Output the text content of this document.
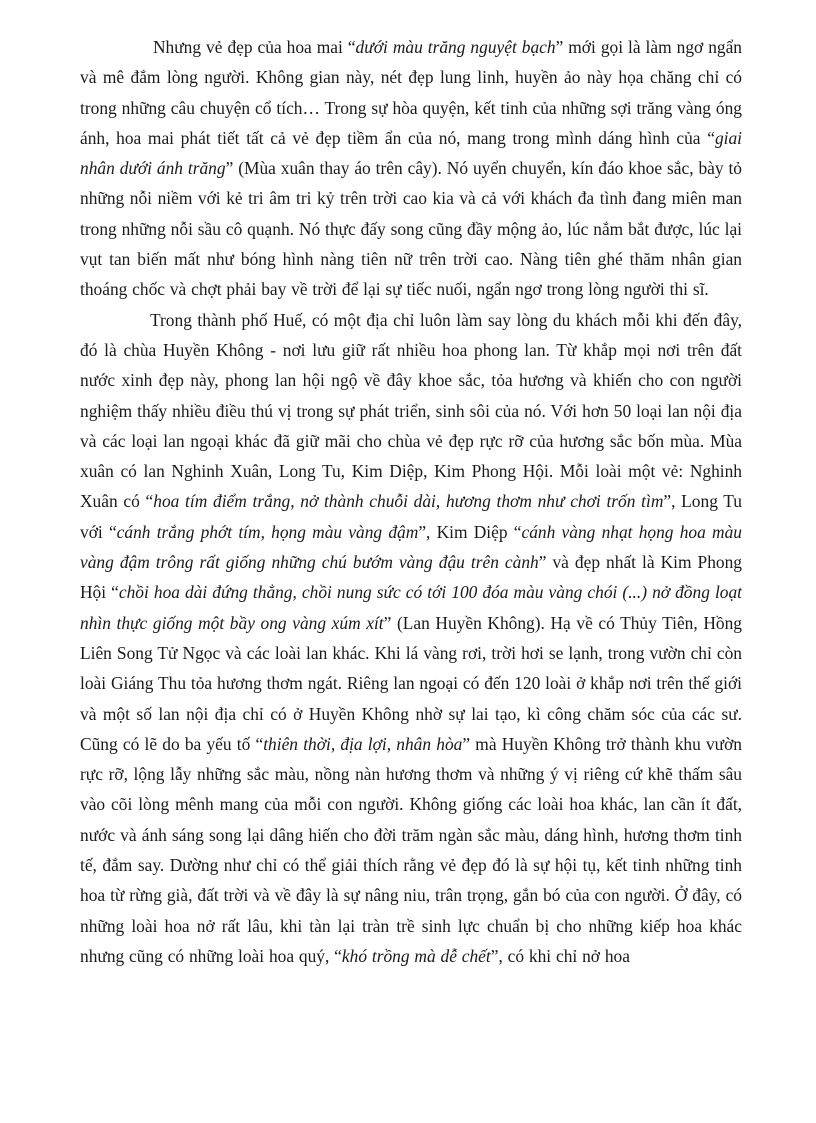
Nhưng vẻ đẹp của hoa mai “dưới màu trăng nguyệt bạch” mới gọi là làm ngơ ngẩn và mê đắm lòng người. Không gian này, nét đẹp lung linh, huyền ảo này họa chăng chỉ có trong những câu chuyện cổ tích… Trong sự hòa quyện, kết tinh của những sợi trăng vàng óng ánh, hoa mai phát tiết tất cả vẻ đẹp tiềm ẩn của nó, mang trong mình dáng hình của “giai nhân dưới ánh trăng” (Mùa xuân thay áo trên cây). Nó uyển chuyển, kín đáo khoe sắc, bày tỏ những nỗi niềm với kẻ tri âm tri kỷ trên trời cao kia và cả với khách đa tình đang miên man trong những nỗi sầu cô quạnh. Nó thực đấy song cũng đầy mộng ảo, lúc nắm bắt được, lúc lại vụt tan biến mất như bóng hình nàng tiên nữ trên trời cao. Nàng tiên ghé thăm nhân gian thoáng chốc và chợt phải bay về trời để lại sự tiếc nuối, ngẩn ngơ trong lòng người thi sĩ.

Trong thành phố Huế, có một địa chỉ luôn làm say lòng du khách mỗi khi đến đây, đó là chùa Huyền Không - nơi lưu giữ rất nhiều hoa phong lan. Từ khắp mọi nơi trên đất nước xinh đẹp này, phong lan hội ngộ về đây khoe sắc, tỏa hương và khiến cho con người nghiệm thấy nhiều điều thú vị trong sự phát triển, sinh sôi của nó. Với hơn 50 loại lan nội địa và các loại lan ngoại khác đã giữ mãi cho chùa vẻ đẹp rực rỡ của hương sắc bốn mùa. Mùa xuân có lan Nghinh Xuân, Long Tu, Kim Diệp, Kim Phong Hội. Mỗi loài một vẻ: Nghinh Xuân có “hoa tím điểm trắng, nở thành chuỗi dài, hương thơm như chơi trốn tìm”, Long Tu với “cánh trắng phớt tím, họng màu vàng đậm”, Kim Diệp “cánh vàng nhạt họng hoa màu vàng đậm trông rất giống những chú bướm vàng đậu trên cành” và đẹp nhất là Kim Phong Hội “chồi hoa dài đứng thẳng, chồi nung sức có tới 100 đóa màu vàng chói (...) nở đồng loạt nhìn thực giống một bầy ong vàng xúm xít” (Lan Huyền Không). Hạ về có Thủy Tiên, Hồng Liên Song Tử Ngọc và các loài lan khác. Khi lá vàng rơi, trời hơi se lạnh, trong vườn chỉ còn loài Giáng Thu tỏa hương thơm ngát. Riêng lan ngoại có đến 120 loài ở khắp nơi trên thế giới và một số lan nội địa chỉ có ở Huyền Không nhờ sự lai tạo, kì công chăm sóc của các sư. Cũng có lẽ do ba yếu tố “thiên thời, địa lợi, nhân hòa” mà Huyền Không trở thành khu vườn rực rỡ, lộng lẫy những sắc màu, nồng nàn hương thơm và những ý vị riêng cứ khẽ thấm sâu vào cõi lòng mênh mang của mỗi con người. Không giống các loài hoa khác, lan cần ít đất, nước và ánh sáng song lại dâng hiến cho đời trăm ngàn sắc màu, dáng hình, hương thơm tinh tế, đắm say. Dường như chỉ có thể giải thích rằng vẻ đẹp đó là sự hội tụ, kết tinh những tinh hoa từ rừng già, đất trời và về đây là sự nâng niu, trân trọng, gắn bó của con người. Ở đây, có những loài hoa nở rất lâu, khi tàn lại tràn trề sinh lực chuẩn bị cho những kiếp hoa khác nhưng cũng có những loài hoa quý, “khó trồng mà dễ chết”, có khi chỉ nở hoa
